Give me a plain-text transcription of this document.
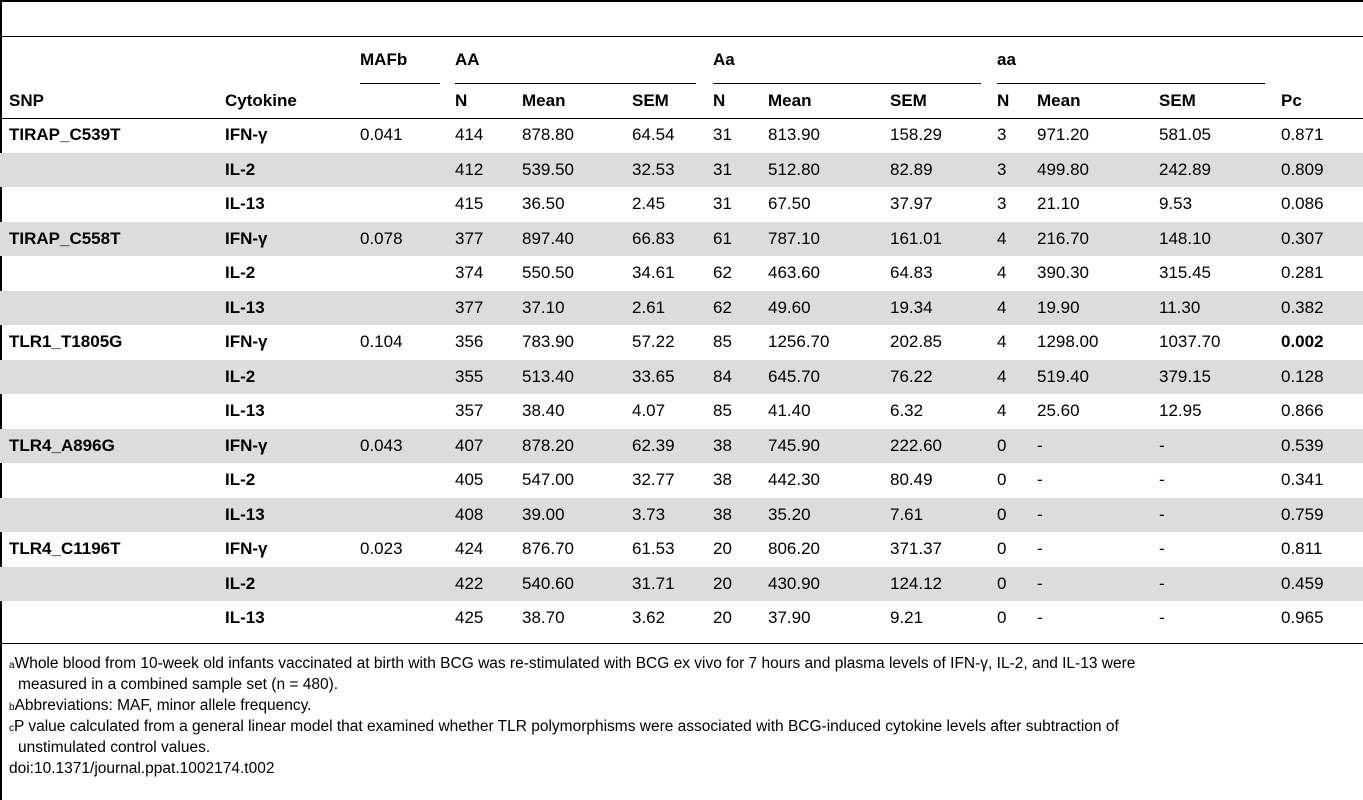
MAFb	AA	Aa	aa

SNP	Cytokine		N	Mean	SEM	N	Mean	SEM	N	Mean	SEM	Pc
TIRAP_C539T	IFN-γ	0.041	414	878.80	64.54	31	813.90	158.29	3	971.20	581.05	0.871
	IL-2		412	539.50	32.53	31	512.80	82.89	3	499.80	242.89	0.809
	IL-13		415	36.50	2.45	31	67.50	37.97	3	21.10	9.53	0.086
TIRAP_C558T	IFN-γ	0.078	377	897.40	66.83	61	787.10	161.01	4	216.70	148.10	0.307
	IL-2		374	550.50	34.61	62	463.60	64.83	4	390.30	315.45	0.281
	IL-13		377	37.10	2.61	62	49.60	19.34	4	19.90	11.30	0.382
TLR1_T1805G	IFN-γ	0.104	356	783.90	57.22	85	1256.70	202.85	4	1298.00	1037.70	0.002
	IL-2		355	513.40	33.65	84	645.70	76.22	4	519.40	379.15	0.128
	IL-13		357	38.40	4.07	85	41.40	6.32	4	25.60	12.95	0.866
TLR4_A896G	IFN-γ	0.043	407	878.20	62.39	38	745.90	222.60	0	-	-	0.539
	IL-2		405	547.00	32.77	38	442.30	80.49	0	-	-	0.341
	IL-13		408	39.00	3.73	38	35.20	7.61	0	-	-	0.759
TLR4_C1196T	IFN-γ	0.023	424	876.70	61.53	20	806.20	371.37	0	-	-	0.811
	IL-2		422	540.60	31.71	20	430.90	124.12	0	-	-	0.459
	IL-13		425	38.70	3.62	20	37.90	9.21	0	-	-	0.965

$^a$Whole blood from 10-week old infants vaccinated at birth with BCG was re-stimulated with BCG ex vivo for 7 hours and plasma levels of IFN-γ, IL-2, and IL-13 were
measured in a combined sample set (n = 480).

$^b$Abbreviations: MAF, minor allele frequency.

$^c$P value calculated from a general linear model that examined whether TLR polymorphisms were associated with BCG-induced cytokine levels after subtraction of
unstimulated control values.

doi:10.1371/journal.ppat.1002174.t002
